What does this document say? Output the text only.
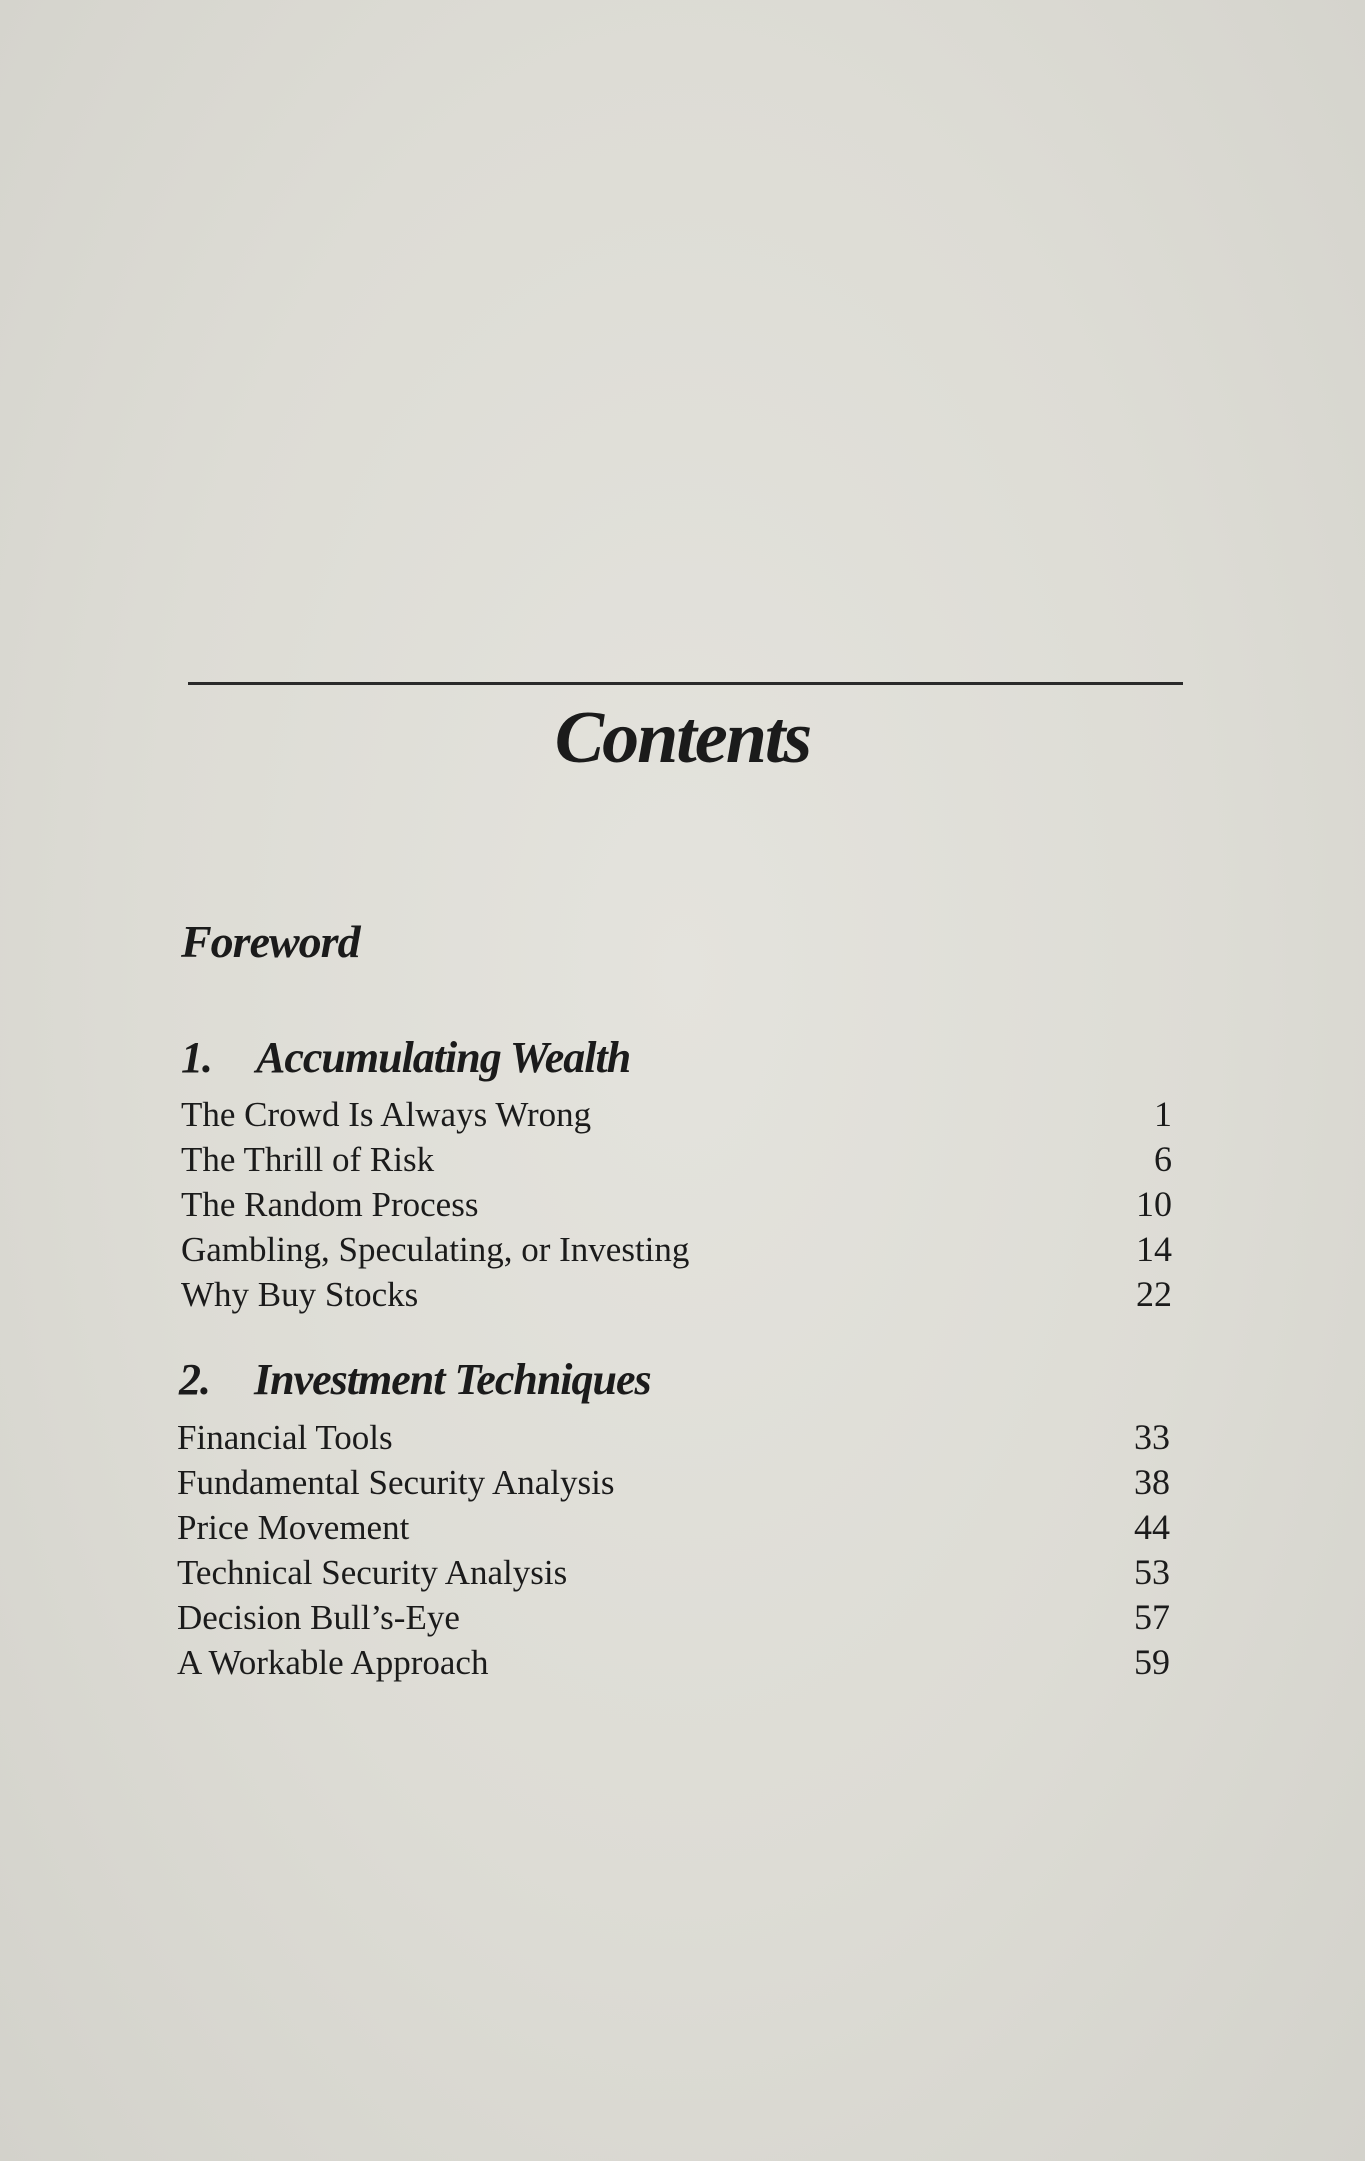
Contents
Foreword
1. Accumulating Wealth
The Crowd Is Always Wrong	1
The Thrill of Risk	6
The Random Process	10
Gambling, Speculating, or Investing	14
Why Buy Stocks	22
2. Investment Techniques
Financial Tools	33
Fundamental Security Analysis	38
Price Movement	44
Technical Security Analysis	53
Decision Bull’s-Eye	57
A Workable Approach	59
